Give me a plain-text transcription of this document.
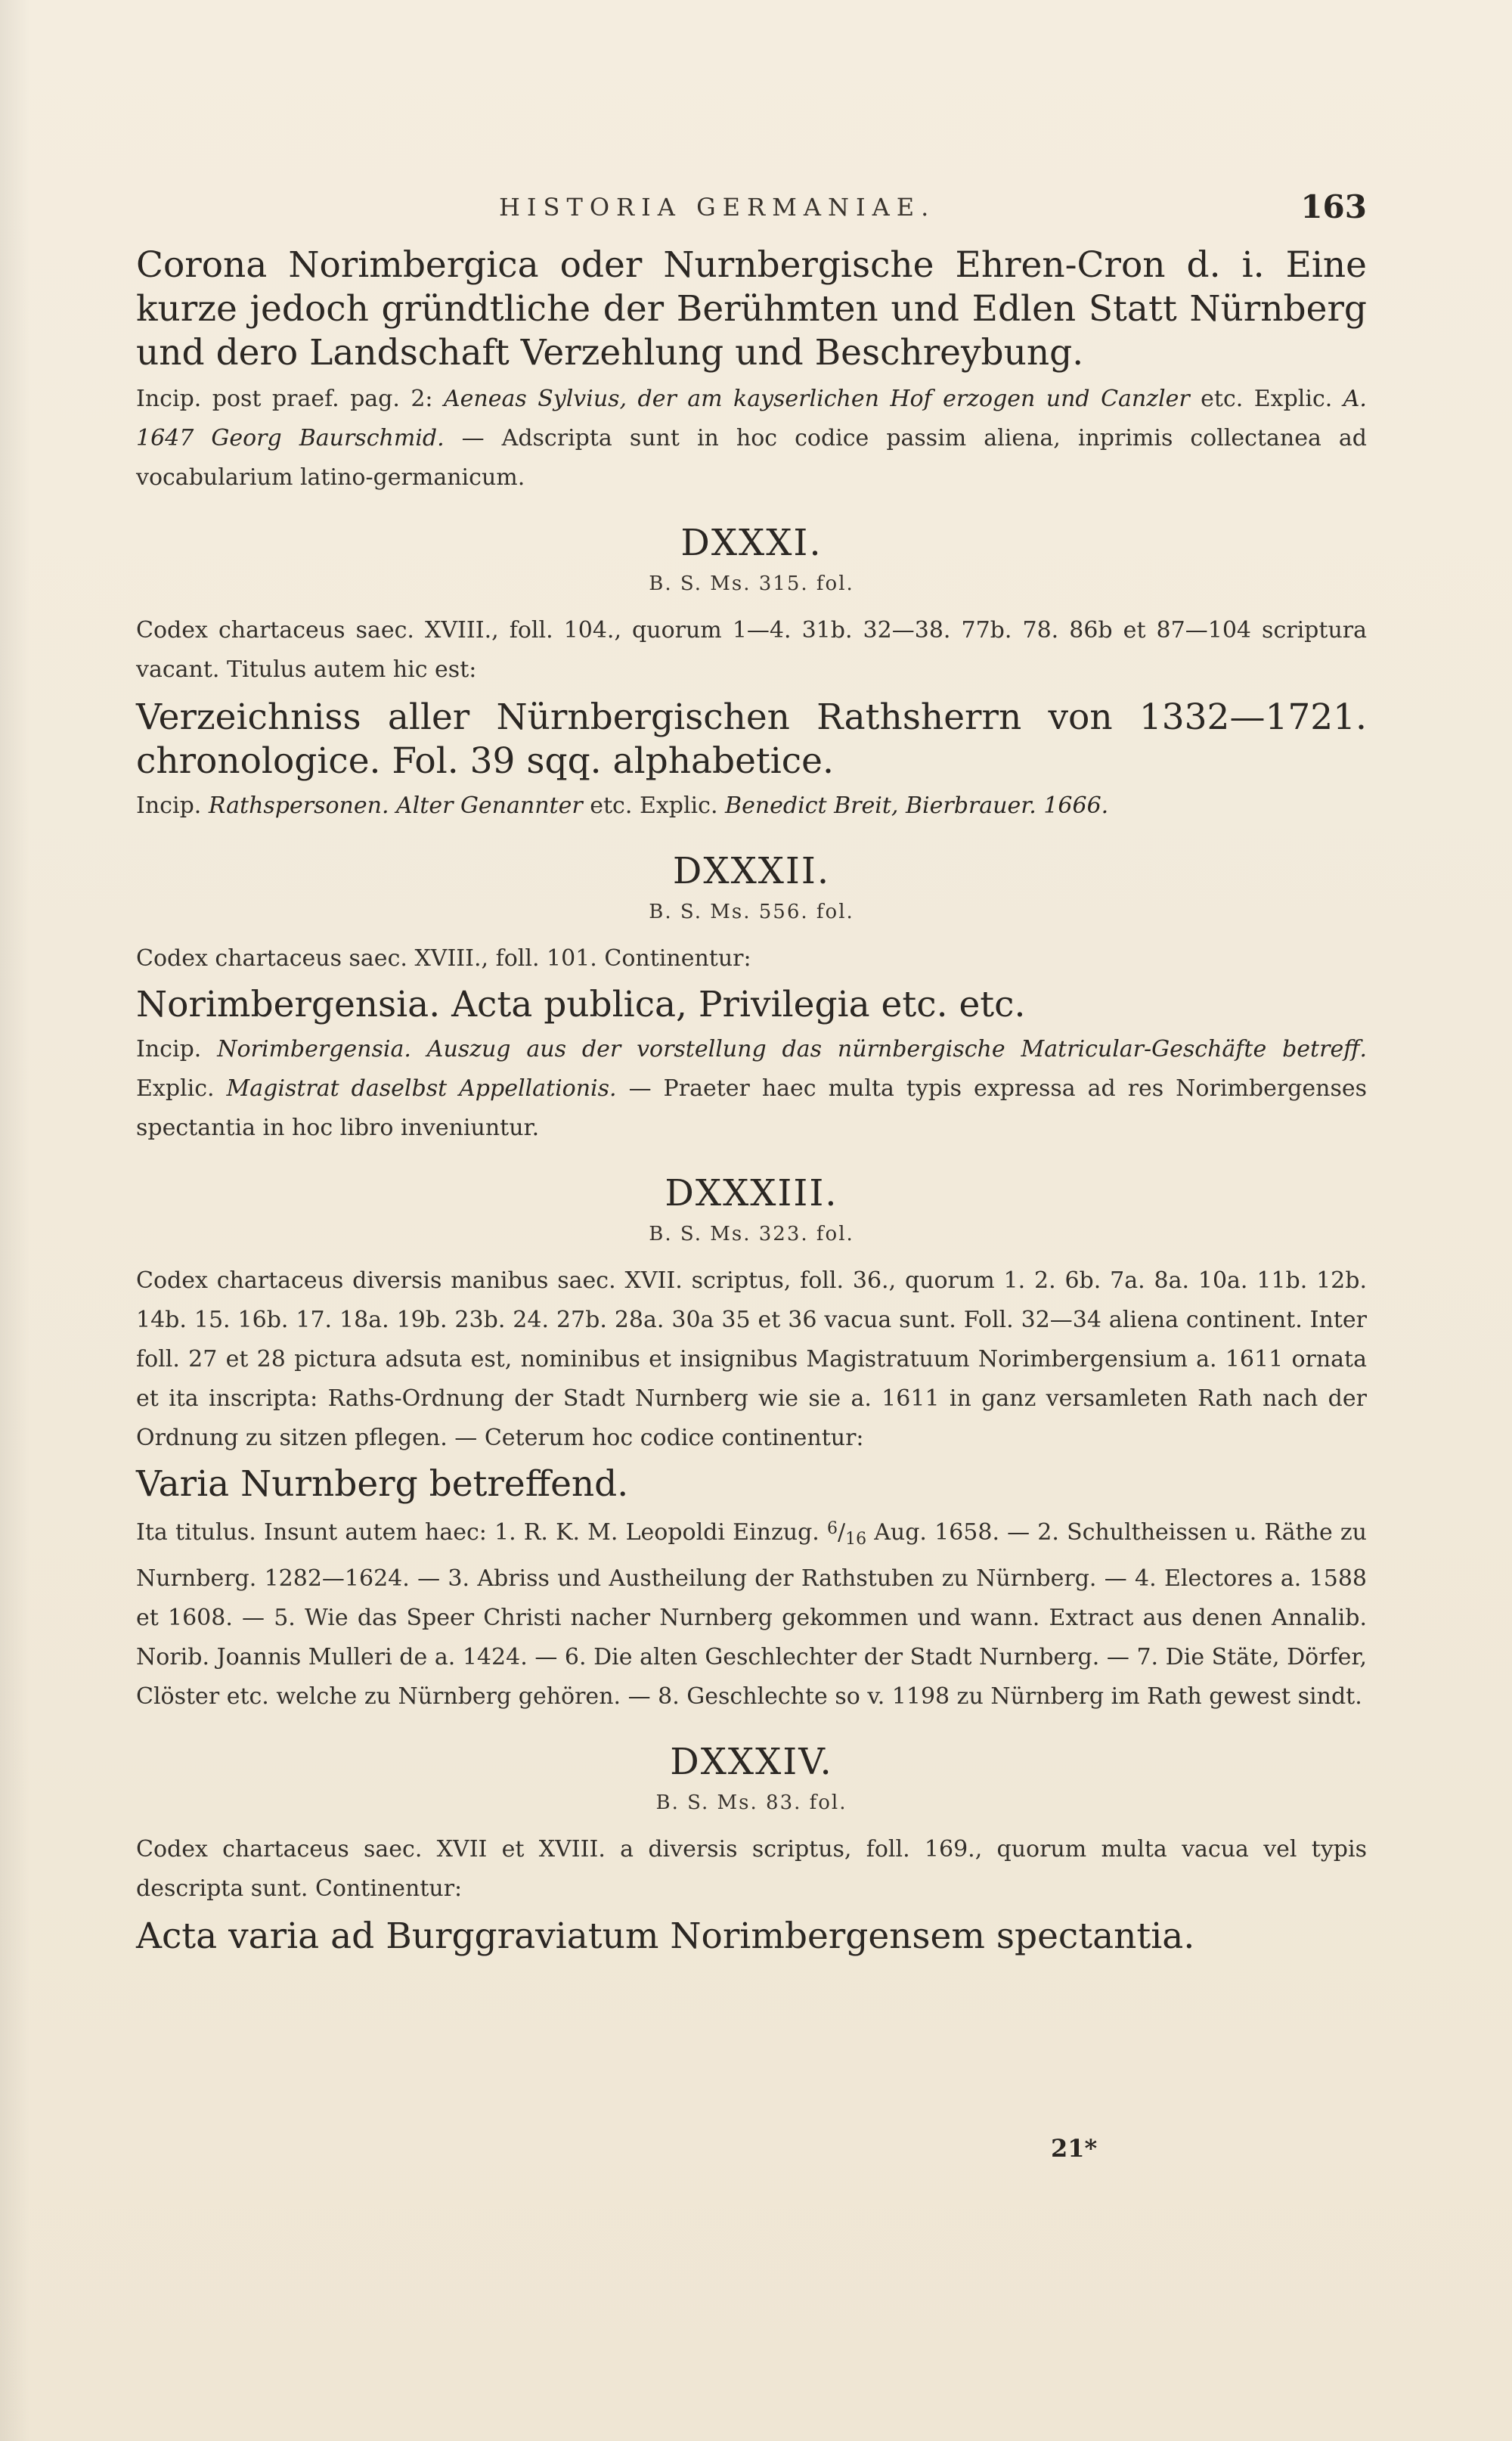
HISTORIA GERMANIAE.	163

Corona Norimbergica oder Nurnbergische Ehren-Cron d. i. Eine kurze jedoch gründtliche der Berühmten und Edlen Statt Nürnberg und dero Landschaft Verzehlung und Beschreybung.

Incip. post praef. pag. 2: Aeneas Sylvius, der am kayserlichen Hof erzogen und Canzler etc. Explic. A. 1647 Georg Baurschmid. — Adscripta sunt in hoc codice passim aliena, inprimis collectanea ad vocabularium latino-germanicum.

DXXXI.
B. S. Ms. 315. fol.

Codex chartaceus saec. XVIII., foll. 104., quorum 1—4. 31b. 32—38. 77b. 78. 86b et 87—104 scriptura vacant. Titulus autem hic est:

Verzeichniss aller Nürnbergischen Rathsherrn von 1332—1721. chronologice. Fol. 39 sqq. alphabetice.

Incip. Rathspersonen. Alter Genannter etc. Explic. Benedict Breit, Bierbrauer. 1666.

DXXXII.
B. S. Ms. 556. fol.

Codex chartaceus saec. XVIII., foll. 101. Continentur:

Norimbergensia. Acta publica, Privilegia etc. etc.

Incip. Norimbergensia. Auszug aus der vorstellung das nürnbergische Matricular-Geschäfte betreff. Explic. Magistrat daselbst Appellationis. — Praeter haec multa typis expressa ad res Norimbergenses spectantia in hoc libro inveniuntur.

DXXXIII.
B. S. Ms. 323. fol.

Codex chartaceus diversis manibus saec. XVII. scriptus, foll. 36., quorum 1. 2. 6b. 7a. 8a. 10a. 11b. 12b. 14b. 15. 16b. 17. 18a. 19b. 23b. 24. 27b. 28a. 30a 35 et 36 vacua sunt. Foll. 32—34 aliena continent. Inter foll. 27 et 28 pictura adsuta est, nominibus et insignibus Magistratuum Norimbergensium a. 1611 ornata et ita inscripta: Raths-Ordnung der Stadt Nurnberg wie sie a. 1611 in ganz versamleten Rath nach der Ordnung zu sitzen pflegen. — Ceterum hoc codice continentur:

Varia Nurnberg betreffend.

Ita titulus. Insunt autem haec: 1. R. K. M. Leopoldi Einzug. $^6/_{16}$ Aug. 1658. — 2. Schultheissen u. Räthe zu Nurnberg. 1282—1624. — 3. Abriss und Austheilung der Rathstuben zu Nürnberg. — 4. Electores a. 1588 et 1608. — 5. Wie das Speer Christi nacher Nurnberg gekommen und wann. Extract aus denen Annalib. Norib. Joannis Mulleri de a. 1424. — 6. Die alten Geschlechter der Stadt Nurnberg. — 7. Die Stäte, Dörfer, Clöster etc. welche zu Nürnberg gehören. — 8. Geschlechte so v. 1198 zu Nürnberg im Rath gewest sindt.

DXXXIV.
B. S. Ms. 83. fol.

Codex chartaceus saec. XVII et XVIII. a diversis scriptus, foll. 169., quorum multa vacua vel typis descripta sunt. Continentur:

Acta varia ad Burggraviatum Norimbergensem spectantia.

21*
